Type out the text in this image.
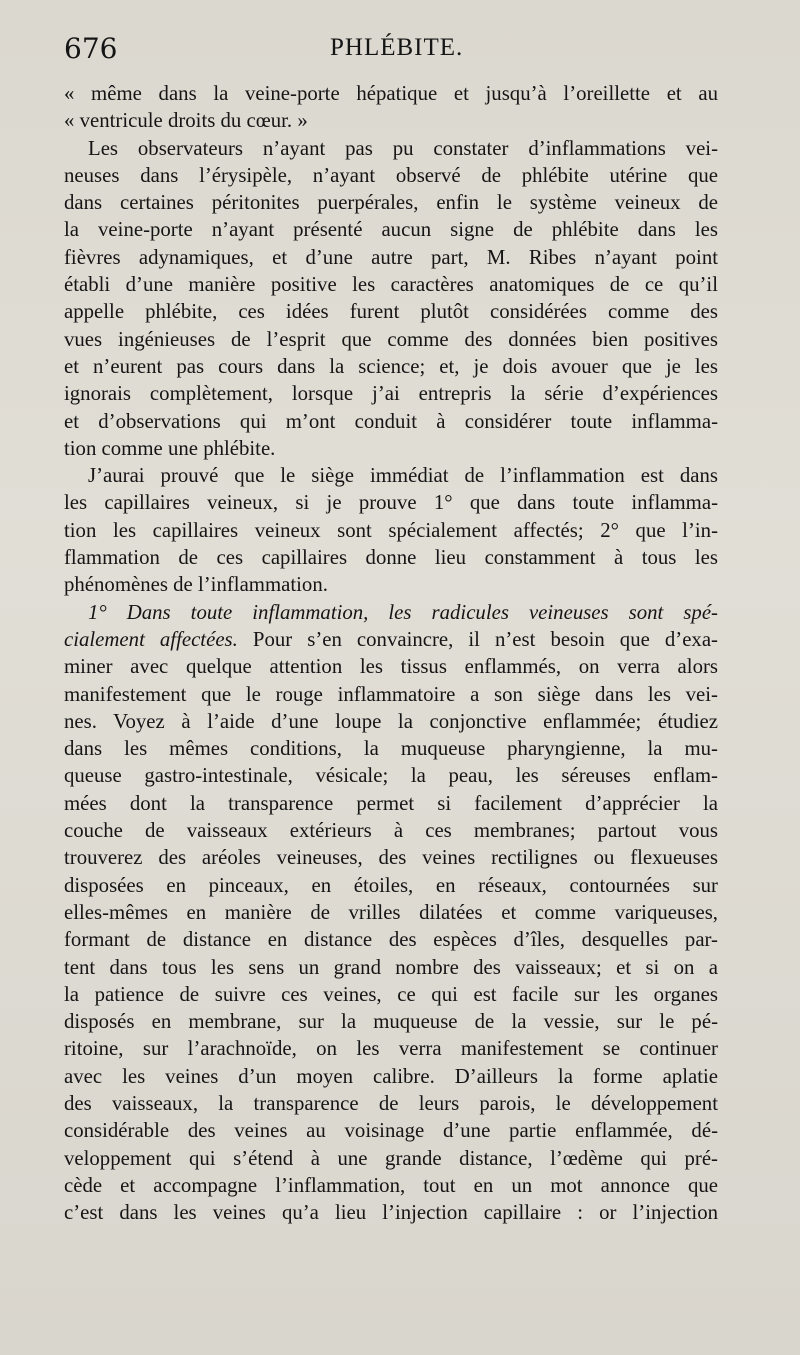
676	PHLÉBITE.
« même dans la veine-porte hépatique et jusqu’à l’oreillette et au
« ventricule droits du cœur. »
Les observateurs n’ayant pas pu constater d’inflammations vei-
neuses dans l’érysipèle, n’ayant observé de phlébite utérine que
dans certaines péritonites puerpérales, enfin le système veineux de
la veine-porte n’ayant présenté aucun signe de phlébite dans les
fièvres adynamiques, et d’une autre part, M. Ribes n’ayant point
établi d’une manière positive les caractères anatomiques de ce qu’il
appelle phlébite, ces idées furent plutôt considérées comme des
vues ingénieuses de l’esprit que comme des données bien positives
et n’eurent pas cours dans la science; et, je dois avouer que je les
ignorais complètement, lorsque j’ai entrepris la série d’expériences
et d’observations qui m’ont conduit à considérer toute inflamma-
tion comme une phlébite.
J’aurai prouvé que le siège immédiat de l’inflammation est dans
les capillaires veineux, si je prouve 1° que dans toute inflamma-
tion les capillaires veineux sont spécialement affectés; 2° que l’in-
flammation de ces capillaires donne lieu constamment à tous les
phénomènes de l’inflammation.
1° Dans toute inflammation, les radicules veineuses sont spé-
cialement affectées. Pour s’en convaincre, il n’est besoin que d’exa-
miner avec quelque attention les tissus enflammés, on verra alors
manifestement que le rouge inflammatoire a son siège dans les vei-
nes. Voyez à l’aide d’une loupe la conjonctive enflammée; étudiez
dans les mêmes conditions, la muqueuse pharyngienne, la mu-
queuse gastro-intestinale, vésicale; la peau, les séreuses enflam-
mées dont la transparence permet si facilement d’apprécier la
couche de vaisseaux extérieurs à ces membranes; partout vous
trouverez des aréoles veineuses, des veines rectilignes ou flexueuses
disposées en pinceaux, en étoiles, en réseaux, contournées sur
elles-mêmes en manière de vrilles dilatées et comme variqueuses,
formant de distance en distance des espèces d’îles, desquelles par-
tent dans tous les sens un grand nombre des vaisseaux; et si on a
la patience de suivre ces veines, ce qui est facile sur les organes
disposés en membrane, sur la muqueuse de la vessie, sur le pé-
ritoine, sur l’arachnoïde, on les verra manifestement se continuer
avec les veines d’un moyen calibre. D’ailleurs la forme aplatie
des vaisseaux, la transparence de leurs parois, le développement
considérable des veines au voisinage d’une partie enflammée, dé-
veloppement qui s’étend à une grande distance, l’œdème qui pré-
cède et accompagne l’inflammation, tout en un mot annonce que
c’est dans les veines qu’a lieu l’injection capillaire : or l’injection
